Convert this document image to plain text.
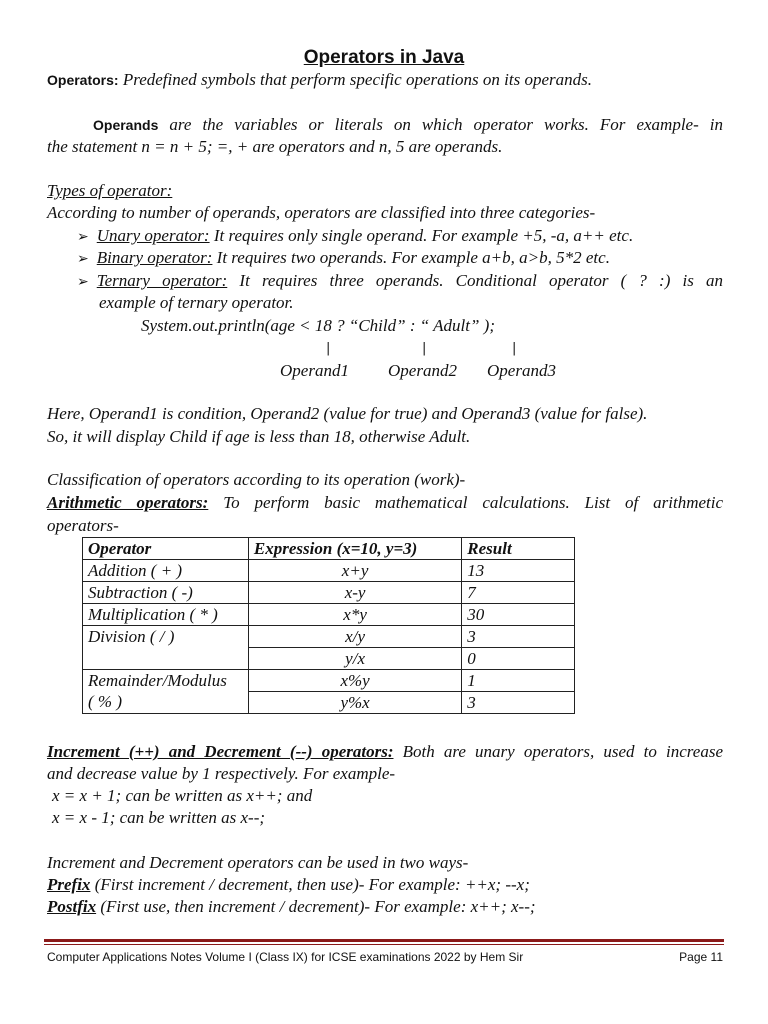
Operators in Java
Operators: Predefined symbols that perform specific operations on its operands.
Operands are the variables or literals on which operator works. For example- in
the statement n = n + 5; =, + are operators and n, 5 are operands.
Types of operator:
According to number of operands, operators are classified into three categories-
➢ Unary operator: It requires only single operand. For example +5, -a, a++ etc.
➢ Binary operator: It requires two operands. For example a+b, a>b, 5*2 etc.
➢ Ternary operator: It requires three operands. Conditional operator ( ? :) is an
example of ternary operator.
System.out.println(age < 18 ? “Child” : “ Adult” );
|	|	|
Operand1 Operand2 Operand3
Here, Operand1 is condition, Operand2 (value for true) and Operand3 (value for false).
So, it will display Child if age is less than 18, otherwise Adult.
Classification of operators according to its operation (work)-
Arithmetic operators: To perform basic mathematical calculations. List of arithmetic
operators-
Operator	Expression (x=10, y=3)	Result
Addition ( + )	x+y	13
Subtraction ( -)	x-y	7
Multiplication ( * )	x*y	30
Division ( / )	x/y	3
	y/x	0
Remainder/Modulus	x%y	1
( % )	y%x	3
Increment (++) and Decrement (--) operators: Both are unary operators, used to increase
and decrease value by 1 respectively. For example-
x = x + 1; can be written as x++; and
x = x - 1; can be written as x--;
Increment and Decrement operators can be used in two ways-
Prefix (First increment / decrement, then use)- For example: ++x; --x;
Postfix (First use, then increment / decrement)- For example: x++; x--;
Computer Applications Notes Volume I (Class IX) for ICSE examinations 2022 by Hem Sir	Page 11
